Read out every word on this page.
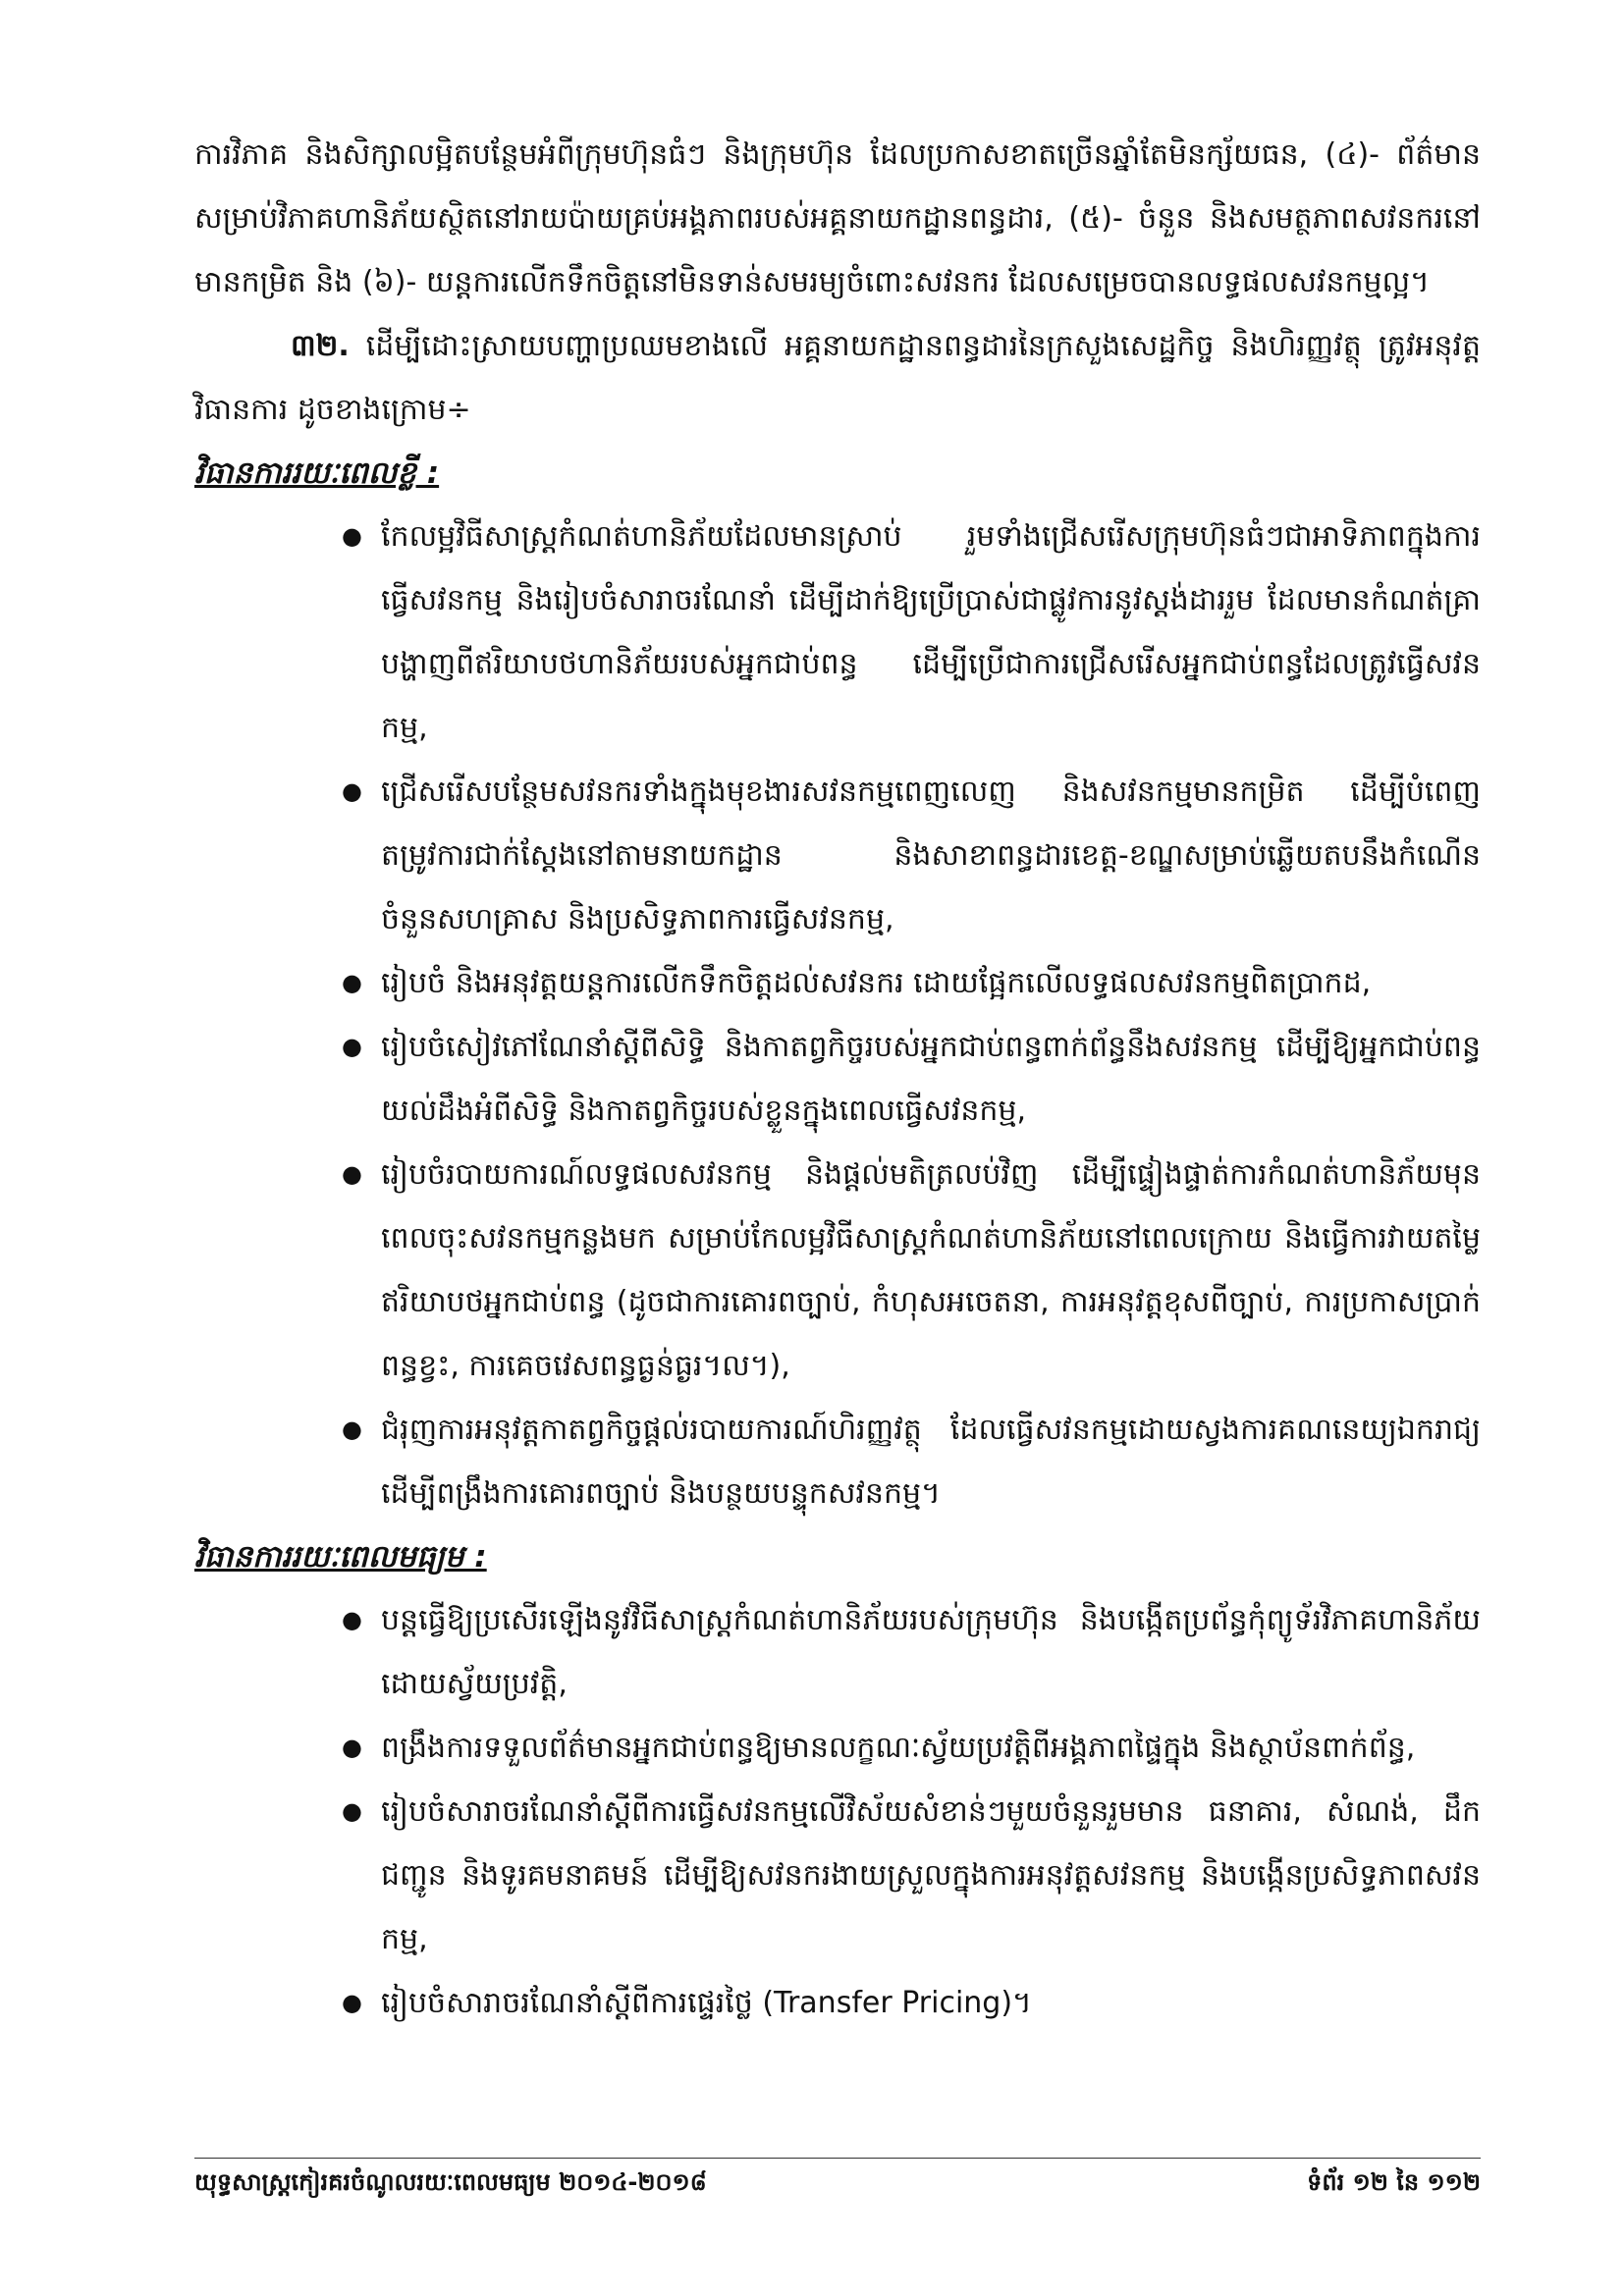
ការវិភាគ និងសិក្សាលម្អិតបន្ថែមអំពីក្រុមហ៊ុនធំៗ និងក្រុមហ៊ុន ដែលប្រកាសខាតច្រើនឆ្នាំតែមិនក្ស័យធន, (៤)- ព័ត៌មានសម្រាប់វិភាគហានិភ័យស្ថិតនៅរាយប៉ាយគ្រប់អង្គភាពរបស់អគ្គនាយកដ្ឋានពន្ធដារ, (៥)- ចំនួន និងសមត្ថភាពសវនករនៅមានកម្រិត និង (៦)- យន្តការលើកទឹកចិត្តនៅមិនទាន់សមរម្យចំពោះសវនករ ដែលសម្រេចបានលទ្ធផលសវនកម្មល្អ។

៣២. ដើម្បីដោះស្រាយបញ្ហាប្រឈមខាងលើ អគ្គនាយកដ្ឋានពន្ធដារនៃក្រសួងសេដ្ឋកិច្ច និងហិរញ្ញវត្ថុ ត្រូវអនុវត្តវិធានការ ដូចខាងក្រោម÷

វិធានការរយៈពេលខ្លី :

● កែលម្អវិធីសាស្ត្រកំណត់ហានិភ័យដែលមានស្រាប់ រួមទាំងជ្រើសរើសក្រុមហ៊ុនធំៗជាអាទិភាពក្នុងការធ្វើសវនកម្ម និងរៀបចំសារាចរណែនាំ ដើម្បីដាក់ឱ្យប្រើប្រាស់ជាផ្លូវការនូវស្តង់ដាររួម ដែលមានកំណត់គ្រាបង្ហាញពីឥរិយាបថហានិភ័យរបស់អ្នកជាប់ពន្ធ ដើម្បីប្រើជាការជ្រើសរើសអ្នកជាប់ពន្ធដែលត្រូវធ្វើសវនកម្ម,
● ជ្រើសរើសបន្ថែមសវនករទាំងក្នុងមុខងារសវនកម្មពេញលេញ និងសវនកម្មមានកម្រិត ដើម្បីបំពេញតម្រូវការជាក់ស្តែងនៅតាមនាយកដ្ឋាន និងសាខាពន្ធដារខេត្ត-ខណ្ឌសម្រាប់ឆ្លើយតបនឹងកំណើនចំនួនសហគ្រាស និងប្រសិទ្ធភាពការធ្វើសវនកម្ម,
● រៀបចំ និងអនុវត្តយន្តការលើកទឹកចិត្តដល់សវនករ ដោយផ្អែកលើលទ្ធផលសវនកម្មពិតប្រាកដ,
● រៀបចំសៀវភៅណែនាំស្តីពីសិទ្ធិ និងកាតព្វកិច្ចរបស់អ្នកជាប់ពន្ធពាក់ព័ន្ធនឹងសវនកម្ម ដើម្បីឱ្យអ្នកជាប់ពន្ធយល់ដឹងអំពីសិទ្ធិ និងកាតព្វកិច្ចរបស់ខ្លួនក្នុងពេលធ្វើសវនកម្ម,
● រៀបចំរបាយការណ៍លទ្ធផលសវនកម្ម និងផ្តល់មតិត្រលប់វិញ ដើម្បីផ្ទៀងផ្ទាត់ការកំណត់ហានិភ័យមុនពេលចុះសវនកម្មកន្លងមក សម្រាប់កែលម្អវិធីសាស្ត្រកំណត់ហានិភ័យនៅពេលក្រោយ និងធ្វើការវាយតម្លៃឥរិយាបថអ្នកជាប់ពន្ធ (ដូចជាការគោរពច្បាប់, កំហុសអចេតនា, ការអនុវត្តខុសពីច្បាប់, ការប្រកាសប្រាក់ពន្ធខ្វះ, ការគេចវេសពន្ធធ្ងន់ធ្ងរ។ល។),
● ជំរុញការអនុវត្តកាតព្វកិច្ចផ្តល់របាយការណ៍ហិរញ្ញវត្ថុ ដែលធ្វើសវនកម្មដោយស្វងការគណនេយ្យឯករាជ្យ ដើម្បីពង្រឹងការគោរពច្បាប់ និងបន្ថយបន្ទុកសវនកម្ម។

វិធានការរយៈពេលមធ្យម :

● បន្តធ្វើឱ្យប្រសើរឡើងនូវវិធីសាស្ត្រកំណត់ហានិភ័យរបស់ក្រុមហ៊ុន និងបង្កើតប្រព័ន្ធកុំព្យូទ័រវិភាគហានិភ័យដោយស្វ័យប្រវត្តិ,
● ពង្រឹងការទទួលព័ត៌មានអ្នកជាប់ពន្ធឱ្យមានលក្ខណៈស្វ័យប្រវត្តិពីអង្គភាពផ្ទៃក្នុង និងស្ថាប័នពាក់ព័ន្ធ,
● រៀបចំសារាចរណែនាំស្តីពីការធ្វើសវនកម្មលើវិស័យសំខាន់ៗមួយចំនួនរួមមាន ធនាគារ, សំណង់, ដឹកជញ្ជូន និងទូរគមនាគមន៍ ដើម្បីឱ្យសវនករងាយស្រួលក្នុងការអនុវត្តសវនកម្ម និងបង្កើនប្រសិទ្ធភាពសវនកម្ម,
● រៀបចំសារាចរណែនាំស្តីពីការផ្ទេរថ្លៃ (Transfer Pricing)។
យុទ្ធសាស្ត្រកៀរគរចំណូលរយៈពេលមធ្យម ២០១៤-២០១៨	ទំព័រ ១២ នៃ ១១២
